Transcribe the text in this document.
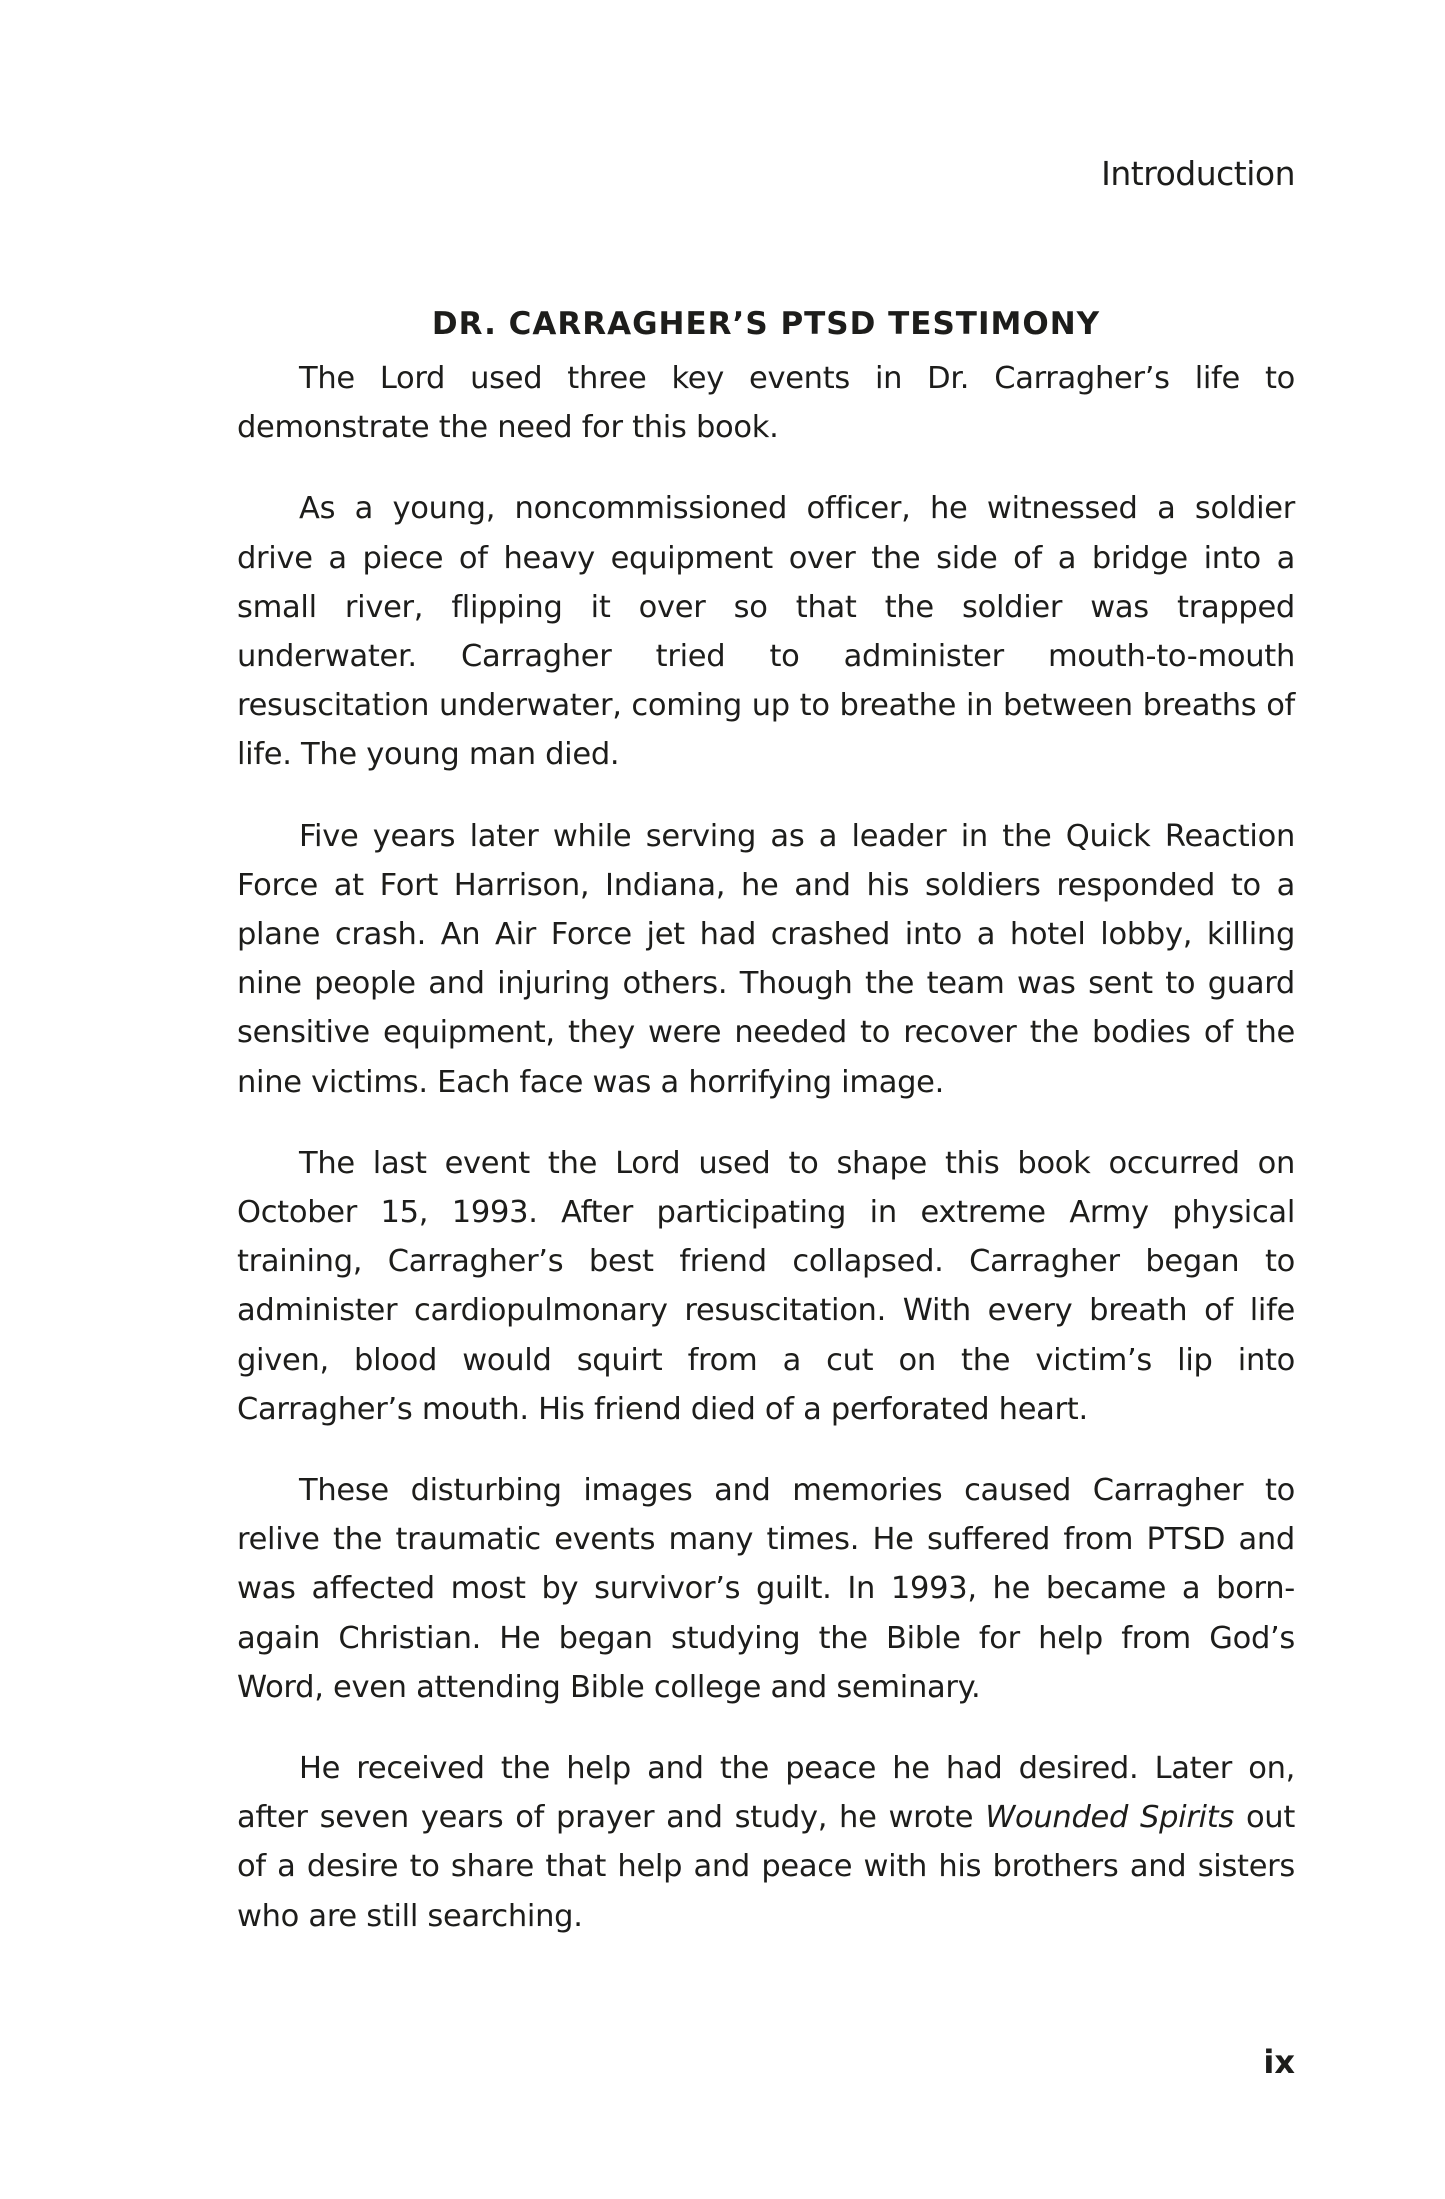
Introduction
DR. CARRAGHER’S PTSD TESTIMONY

The Lord used three key events in Dr. Carragher’s life to demonstrate the need for this book.

As a young, noncommissioned officer, he witnessed a soldier drive a piece of heavy equipment over the side of a bridge into a small river, flipping it over so that the soldier was trapped underwater. Carragher tried to administer mouth-to-mouth resuscitation underwater, coming up to breathe in between breaths of life. The young man died.

Five years later while serving as a leader in the Quick Reaction Force at Fort Harrison, Indiana, he and his soldiers responded to a plane crash. An Air Force jet had crashed into a hotel lobby, killing nine people and injuring others. Though the team was sent to guard sensitive equipment, they were needed to recover the bodies of the nine victims. Each face was a horrifying image.

The last event the Lord used to shape this book occurred on October 15, 1993. After participating in extreme Army physical training, Carragher’s best friend collapsed. Carragher began to administer cardiopulmonary resuscitation. With every breath of life given, blood would squirt from a cut on the victim’s lip into Carragher’s mouth. His friend died of a perforated heart.

These disturbing images and memories caused Carragher to relive the traumatic events many times. He suffered from PTSD and was affected most by survivor’s guilt. In 1993, he became a born-again Christian. He began studying the Bible for help from God’s Word, even attending Bible college and seminary.

He received the help and the peace he had desired. Later on, after seven years of prayer and study, he wrote Wounded Spirits out of a desire to share that help and peace with his brothers and sisters who are still searching.

ix
